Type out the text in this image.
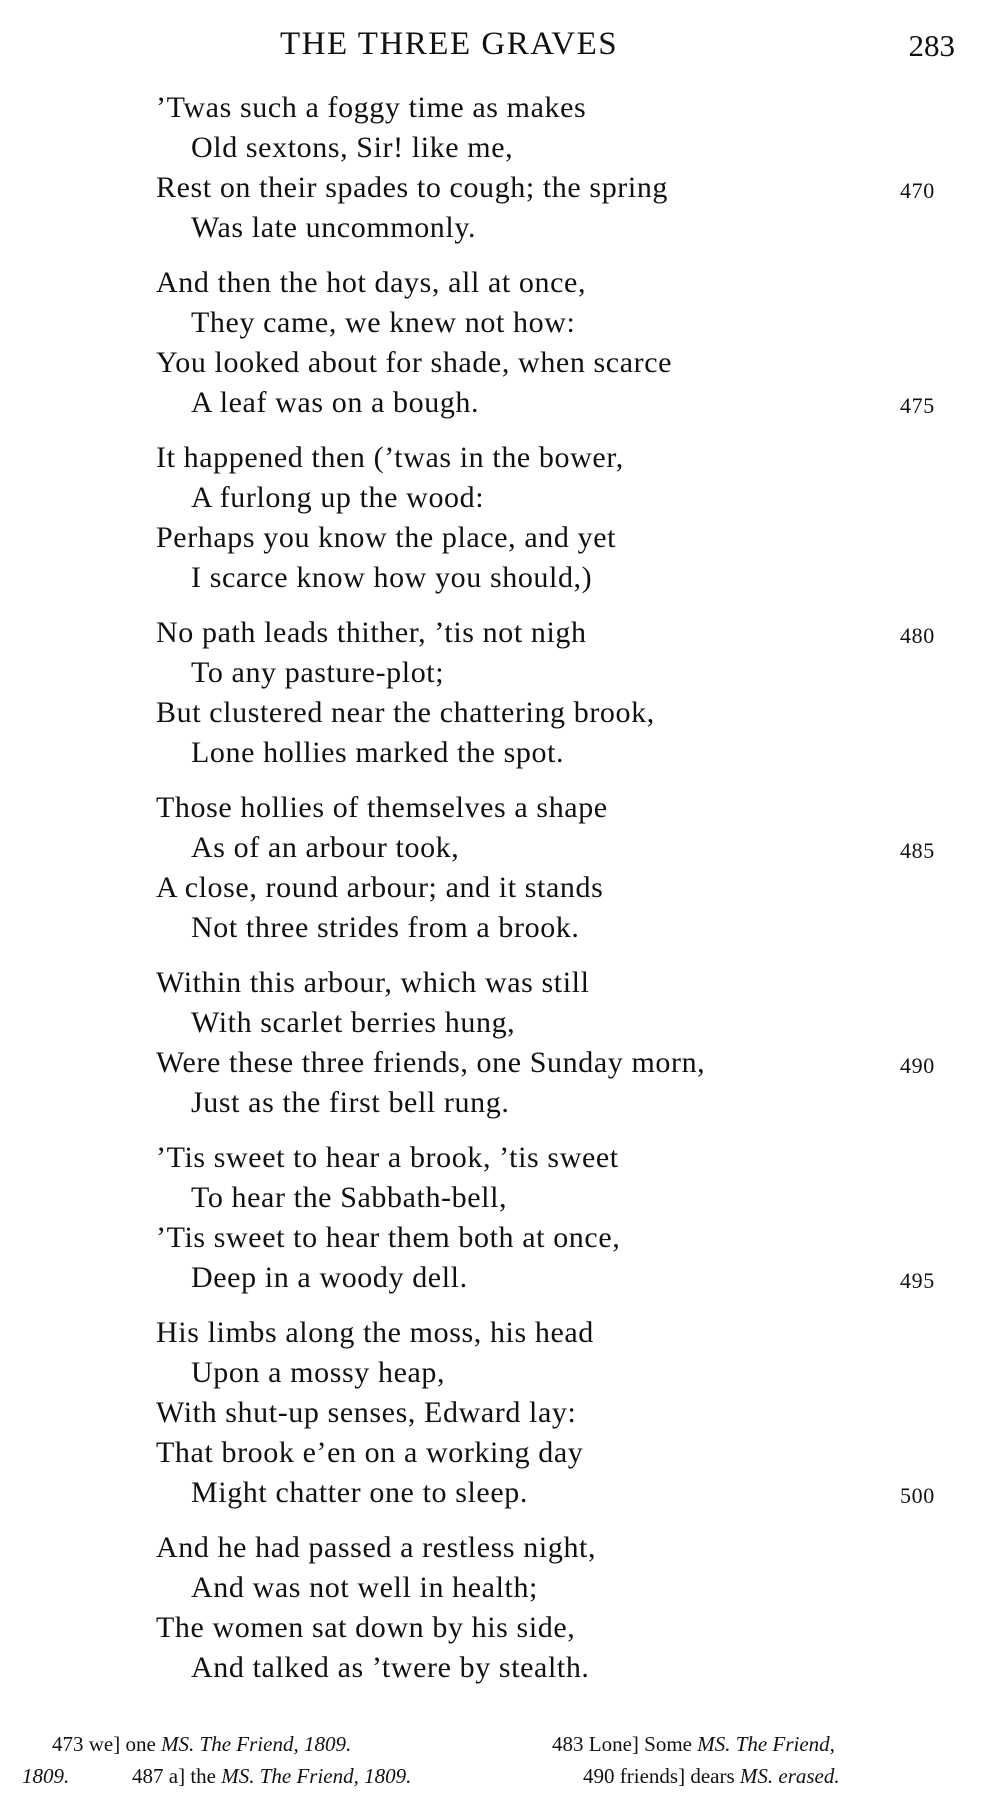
THE THREE GRAVES	283
’Twas such a foggy time as makes
Old sextons, Sir! like me,
Rest on their spades to cough; the spring	470
Was late uncommonly.
And then the hot days, all at once,
They came, we knew not how:
You looked about for shade, when scarce
A leaf was on a bough.	475
It happened then (’twas in the bower,
A furlong up the wood:
Perhaps you know the place, and yet
I scarce know how you should,)
No path leads thither, ’tis not nigh	480
To any pasture-plot;
But clustered near the chattering brook,
Lone hollies marked the spot.
Those hollies of themselves a shape
As of an arbour took,	485
A close, round arbour; and it stands
Not three strides from a brook.
Within this arbour, which was still
With scarlet berries hung,
Were these three friends, one Sunday morn,	490
Just as the first bell rung.
’Tis sweet to hear a brook, ’tis sweet
To hear the Sabbath-bell,
’Tis sweet to hear them both at once,
Deep in a woody dell.	495
His limbs along the moss, his head
Upon a mossy heap,
With shut-up senses, Edward lay:
That brook e’en on a working day
Might chatter one to sleep.	500
And he had passed a restless night,
And was not well in health;
The women sat down by his side,
And talked as ’twere by stealth.
473 we] one MS. The Friend, 1809.	483 Lone] Some MS. The Friend,
1809.	487 a] the MS. The Friend, 1809.	490 friends] dears MS. erased.
